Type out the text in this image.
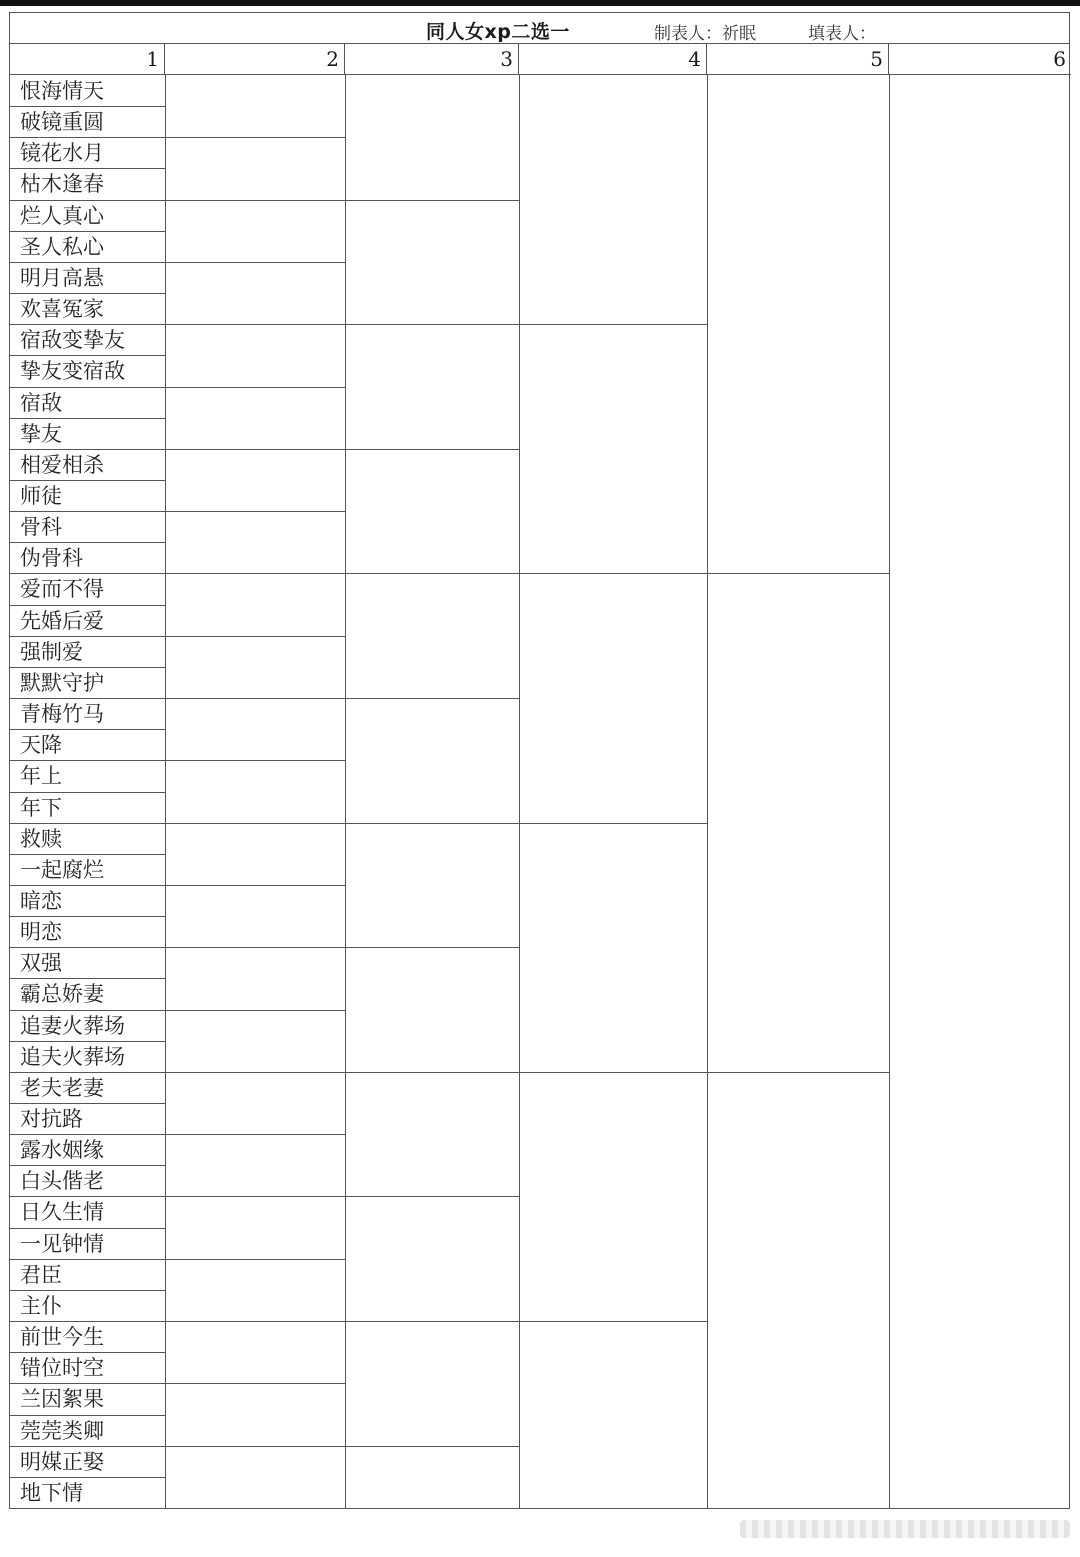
同人女xp二选一	制表人：祈眠	填表人：
1	2	3	4	5	6
恨海情天
破镜重圆
镜花水月
枯木逢春
烂人真心
圣人私心
明月高悬
欢喜冤家
宿敌变挚友
挚友变宿敌
宿敌
挚友
相爱相杀
师徒
骨科
伪骨科
爱而不得
先婚后爱
强制爱
默默守护
青梅竹马
天降
年上
年下
救赎
一起腐烂
暗恋
明恋
双强
霸总娇妻
追妻火葬场
追夫火葬场
老夫老妻
对抗路
露水姻缘
白头偕老
日久生情
一见钟情
君臣
主仆
前世今生
错位时空
兰因絮果
莞莞类卿
明媒正娶
地下情
